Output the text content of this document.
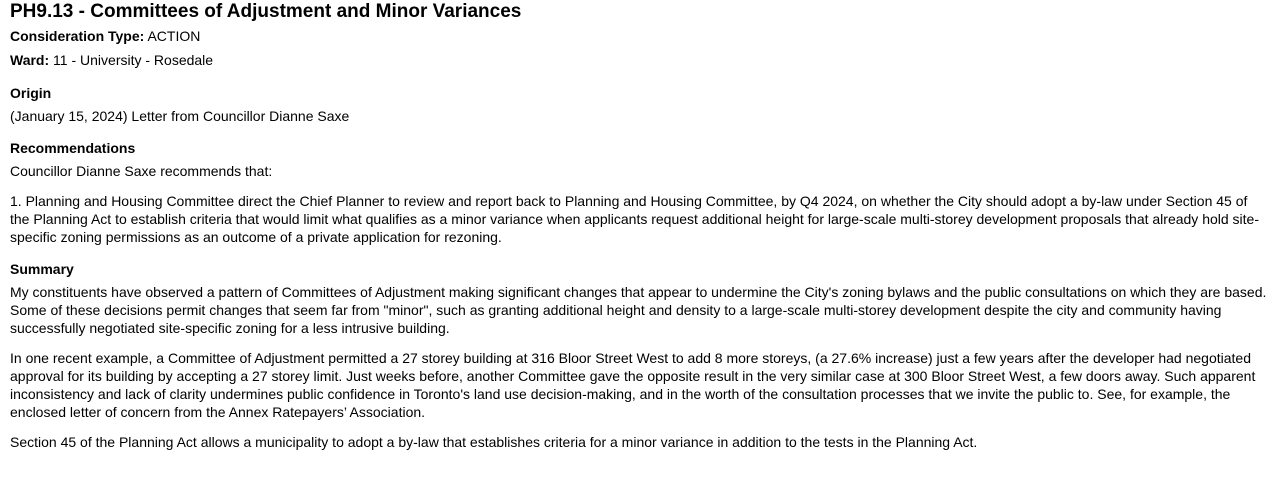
PH9.13 - Committees of Adjustment and Minor Variances
Consideration Type: ACTION
Ward: 11 - University - Rosedale
Origin
(January 15, 2024) Letter from Councillor Dianne Saxe
Recommendations
Councillor Dianne Saxe recommends that:
1. Planning and Housing Committee direct the Chief Planner to review and report back to Planning and Housing Committee, by Q4 2024, on whether the City should adopt a by-law under Section 45 of the Planning Act to establish criteria that would limit what qualifies as a minor variance when applicants request additional height for large-scale multi-storey development proposals that already hold site-specific zoning permissions as an outcome of a private application for rezoning.
Summary
My constituents have observed a pattern of Committees of Adjustment making significant changes that appear to undermine the City's zoning bylaws and the public consultations on which they are based. Some of these decisions permit changes that seem far from "minor", such as granting additional height and density to a large-scale multi-storey development despite the city and community having successfully negotiated site-specific zoning for a less intrusive building.
In one recent example, a Committee of Adjustment permitted a 27 storey building at 316 Bloor Street West to add 8 more storeys, (a 27.6% increase) just a few years after the developer had negotiated approval for its building by accepting a 27 storey limit. Just weeks before, another Committee gave the opposite result in the very similar case at 300 Bloor Street West, a few doors away. Such apparent inconsistency and lack of clarity undermines public confidence in Toronto's land use decision-making, and in the worth of the consultation processes that we invite the public to. See, for example, the enclosed letter of concern from the Annex Ratepayers’ Association.
Section 45 of the Planning Act allows a municipality to adopt a by-law that establishes criteria for a minor variance in addition to the tests in the Planning Act.
